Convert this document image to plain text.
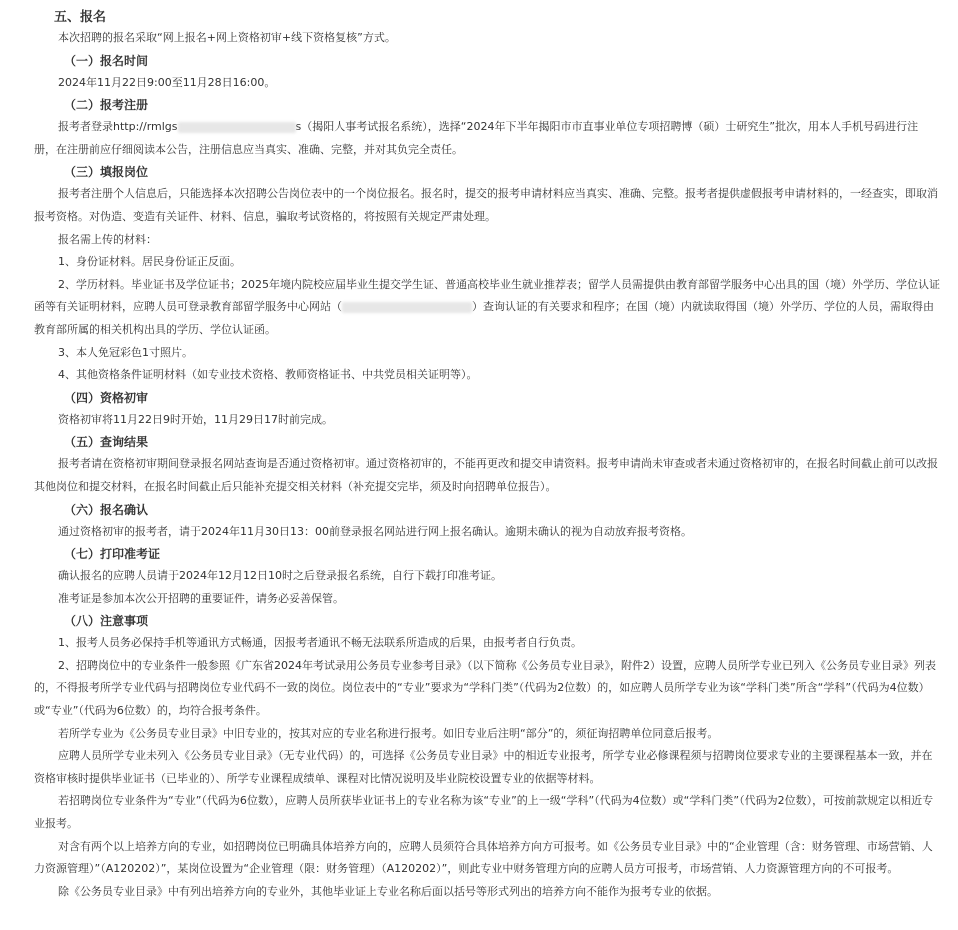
五、报名

本次招聘的报名采取“网上报名+网上资格初审+线下资格复核”方式。

（一）报名时间

2024年11月22日9:00至11月28日16:00。

（二）报考注册

报考者登录http://rmlgs	s（揭阳人事考试报名系统），选择“2024年下半年揭阳市市直事业单位专项招聘博（硕）士研究生”批次，用本人手机号码进行注册，在注册前应仔细阅读本公告，注册信息应当真实、准确、完整，并对其负完全责任。

（三）填报岗位

报考者注册个人信息后，只能选择本次招聘公告岗位表中的一个岗位报名。报名时，提交的报考申请材料应当真实、准确、完整。报考者提供虚假报考申请材料的，一经查实，即取消报考资格。对伪造、变造有关证件、材料、信息，骗取考试资格的，将按照有关规定严肃处理。

报名需上传的材料：

1、身份证材料。居民身份证正反面。

2、学历材料。毕业证书及学位证书；2025年境内院校应届毕业生提交学生证、普通高校毕业生就业推荐表；留学人员需提供由教育部留学服务中心出具的国（境）外学历、学位认证函等有关证明材料，应聘人员可登录教育部留学服务中心网站（	）查询认证的有关要求和程序；在国（境）内就读取得国（境）外学历、学位的人员，需取得由教育部所属的相关机构出具的学历、学位认证函。

3、本人免冠彩色1寸照片。

4、其他资格条件证明材料（如专业技术资格、教师资格证书、中共党员相关证明等）。

（四）资格初审

资格初审将11月22日9时开始，11月29日17时前完成。

（五）查询结果

报考者请在资格初审期间登录报名网站查询是否通过资格初审。通过资格初审的，不能再更改和提交申请资料。报考申请尚未审查或者未通过资格初审的，在报名时间截止前可以改报其他岗位和提交材料，在报名时间截止后只能补充提交相关材料（补充提交完毕，须及时向招聘单位报告）。

（六）报名确认

通过资格初审的报考者，请于2024年11月30日13：00前登录报名网站进行网上报名确认。逾期未确认的视为自动放弃报考资格。

（七）打印准考证

确认报名的应聘人员请于2024年12月12日10时之后登录报名系统，自行下载打印准考证。

准考证是参加本次公开招聘的重要证件，请务必妥善保管。

（八）注意事项

1、报考人员务必保持手机等通讯方式畅通，因报考者通讯不畅无法联系所造成的后果，由报考者自行负责。

2、招聘岗位中的专业条件一般参照《广东省2024年考试录用公务员专业参考目录》（以下简称《公务员专业目录》，附件2）设置，应聘人员所学专业已列入《公务员专业目录》列表的，不得报考所学专业代码与招聘岗位专业代码不一致的岗位。岗位表中的“专业”要求为“学科门类”（代码为2位数）的，如应聘人员所学专业为该“学科门类”所含“学科”（代码为4位数）或“专业”（代码为6位数）的，均符合报考条件。

若所学专业为《公务员专业目录》中旧专业的，按其对应的专业名称进行报考。如旧专业后注明“部分”的，须征询招聘单位同意后报考。

应聘人员所学专业未列入《公务员专业目录》（无专业代码）的，可选择《公务员专业目录》中的相近专业报考，所学专业必修课程须与招聘岗位要求专业的主要课程基本一致，并在资格审核时提供毕业证书（已毕业的）、所学专业课程成绩单、课程对比情况说明及毕业院校设置专业的依据等材料。

若招聘岗位专业条件为“专业”（代码为6位数），应聘人员所获毕业证书上的专业名称为该“专业”的上一级“学科”（代码为4位数）或“学科门类”（代码为2位数），可按前款规定以相近专业报考。

对含有两个以上培养方向的专业，如招聘岗位已明确具体培养方向的，应聘人员须符合具体培养方向方可报考。如《公务员专业目录》中的“企业管理（含：财务管理、市场营销、人力资源管理）”（A120202）”，某岗位设置为“企业管理（限：财务管理）（A120202）”，则此专业中财务管理方向的应聘人员方可报考，市场营销、人力资源管理方向的不可报考。

除《公务员专业目录》中有列出培养方向的专业外，其他毕业证上专业名称后面以括号等形式列出的培养方向不能作为报考专业的依据。
